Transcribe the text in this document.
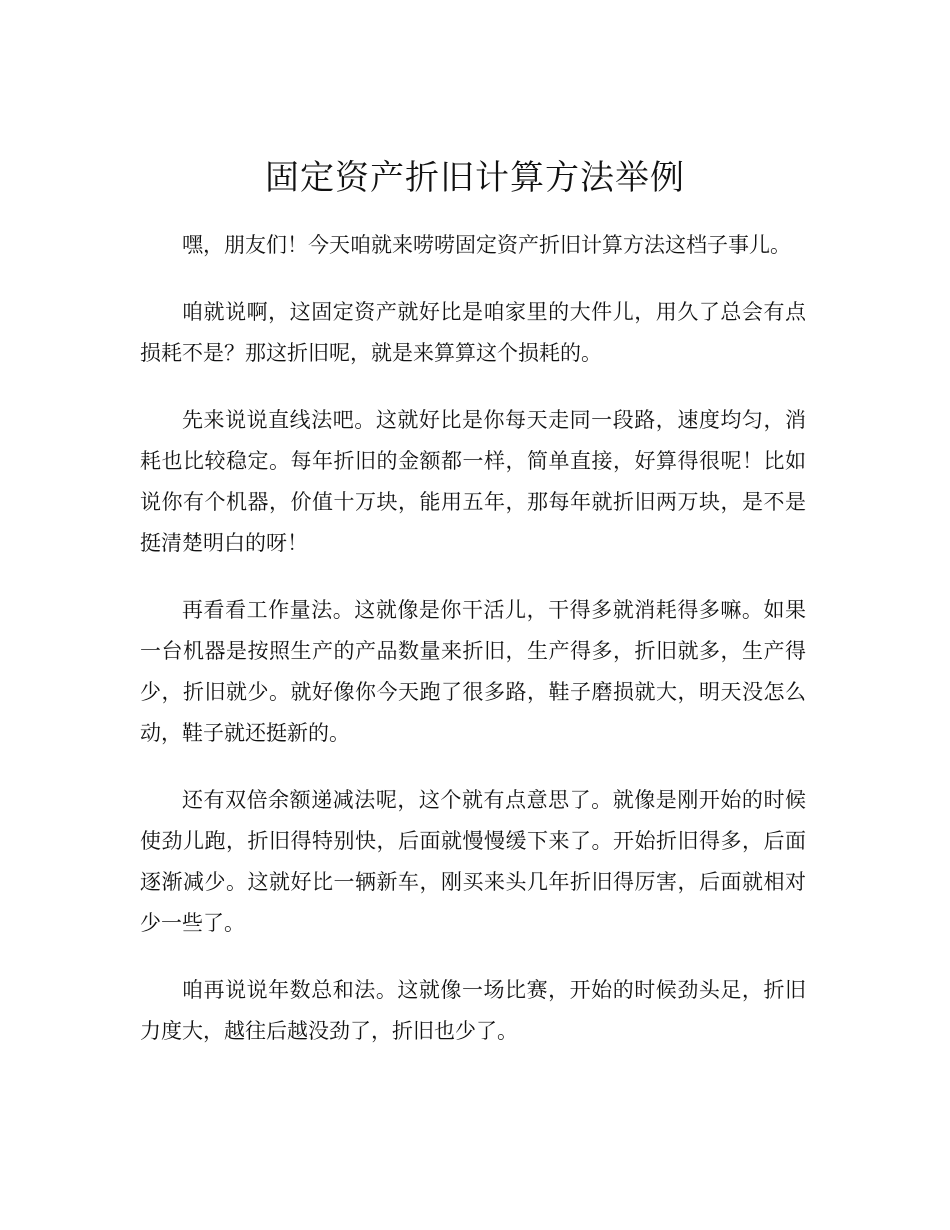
固定资产折旧计算方法举例

嘿，朋友们！今天咱就来唠唠固定资产折旧计算方法这档子事儿。

咱就说啊，这固定资产就好比是咱家里的大件儿，用久了总会有点损耗不是？那这折旧呢，就是来算算这个损耗的。

先来说说直线法吧。这就好比是你每天走同一段路，速度均匀，消耗也比较稳定。每年折旧的金额都一样，简单直接，好算得很呢！比如说你有个机器，价值十万块，能用五年，那每年就折旧两万块，是不是挺清楚明白的呀！

再看看工作量法。这就像是你干活儿，干得多就消耗得多嘛。如果一台机器是按照生产的产品数量来折旧，生产得多，折旧就多，生产得少，折旧就少。就好像你今天跑了很多路，鞋子磨损就大，明天没怎么动，鞋子就还挺新的。

还有双倍余额递减法呢，这个就有点意思了。就像是刚开始的时候使劲儿跑，折旧得特别快，后面就慢慢缓下来了。开始折旧得多，后面逐渐减少。这就好比一辆新车，刚买来头几年折旧得厉害，后面就相对少一些了。

咱再说说年数总和法。这就像一场比赛，开始的时候劲头足，折旧力度大，越往后越没劲了，折旧也少了。
